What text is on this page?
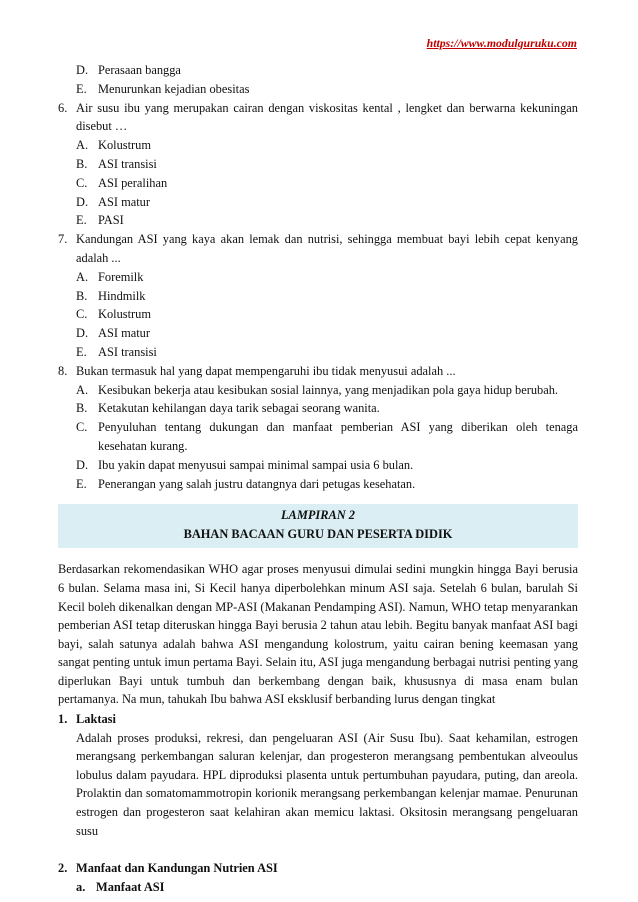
https://www.modulguruku.com
D. Perasaan bangga
E. Menurunkan kejadian obesitas
6. Air susu ibu yang merupakan cairan dengan viskositas kental , lengket dan berwarna kekuningan disebut …
A. Kolustrum
B. ASI transisi
C. ASI peralihan
D. ASI matur
E. PASI
7. Kandungan ASI yang kaya akan lemak dan nutrisi, sehingga membuat bayi lebih cepat kenyang adalah ...
A. Foremilk
B. Hindmilk
C. Kolustrum
D. ASI matur
E. ASI transisi
8. Bukan termasuk hal yang dapat mempengaruhi ibu tidak menyusui adalah ...
A. Kesibukan bekerja atau kesibukan sosial lainnya, yang menjadikan pola gaya hidup berubah.
B. Ketakutan kehilangan daya tarik sebagai seorang wanita.
C. Penyuluhan tentang dukungan dan manfaat pemberian ASI yang diberikan oleh tenaga kesehatan kurang.
D. Ibu yakin dapat menyusui sampai minimal sampai usia 6 bulan.
E. Penerangan yang salah justru datangnya dari petugas kesehatan.
LAMPIRAN 2
BAHAN BACAAN GURU DAN PESERTA DIDIK
Berdasarkan rekomendasikan WHO agar proses menyusui dimulai sedini mungkin hingga Bayi berusia 6 bulan. Selama masa ini, Si Kecil hanya diperbolehkan minum ASI saja. Setelah 6 bulan, barulah Si Kecil boleh dikenalkan dengan MP-ASI (Makanan Pendamping ASI). Namun, WHO tetap menyarankan pemberian ASI tetap diteruskan hingga Bayi berusia 2 tahun atau lebih. Begitu banyak manfaat ASI bagi bayi, salah satunya adalah bahwa ASI mengandung kolostrum, yaitu cairan bening keemasan yang sangat penting untuk imun pertama Bayi. Selain itu, ASI juga mengandung berbagai nutrisi penting yang diperlukan Bayi untuk tumbuh dan berkembang dengan baik, khususnya di masa enam bulan pertamanya. Na mun, tahukah Ibu bahwa ASI eksklusif berbanding lurus dengan tingkat
1. Laktasi
Adalah proses produksi, rekresi, dan pengeluaran ASI (Air Susu Ibu). Saat kehamilan, estrogen merangsang perkembangan saluran kelenjar, dan progesteron merangsang pembentukan alveoulus lobulus dalam payudara. HPL diproduksi plasenta untuk pertumbuhan payudara, puting, dan areola. Prolaktin dan somatomammotropin korionik merangsang perkembangan kelenjar mamae. Penurunan estrogen dan progesteron saat kelahiran akan memicu laktasi. Oksitosin merangsang pengeluaran susu
2. Manfaat dan Kandungan Nutrien ASI
a. Manfaat ASI
